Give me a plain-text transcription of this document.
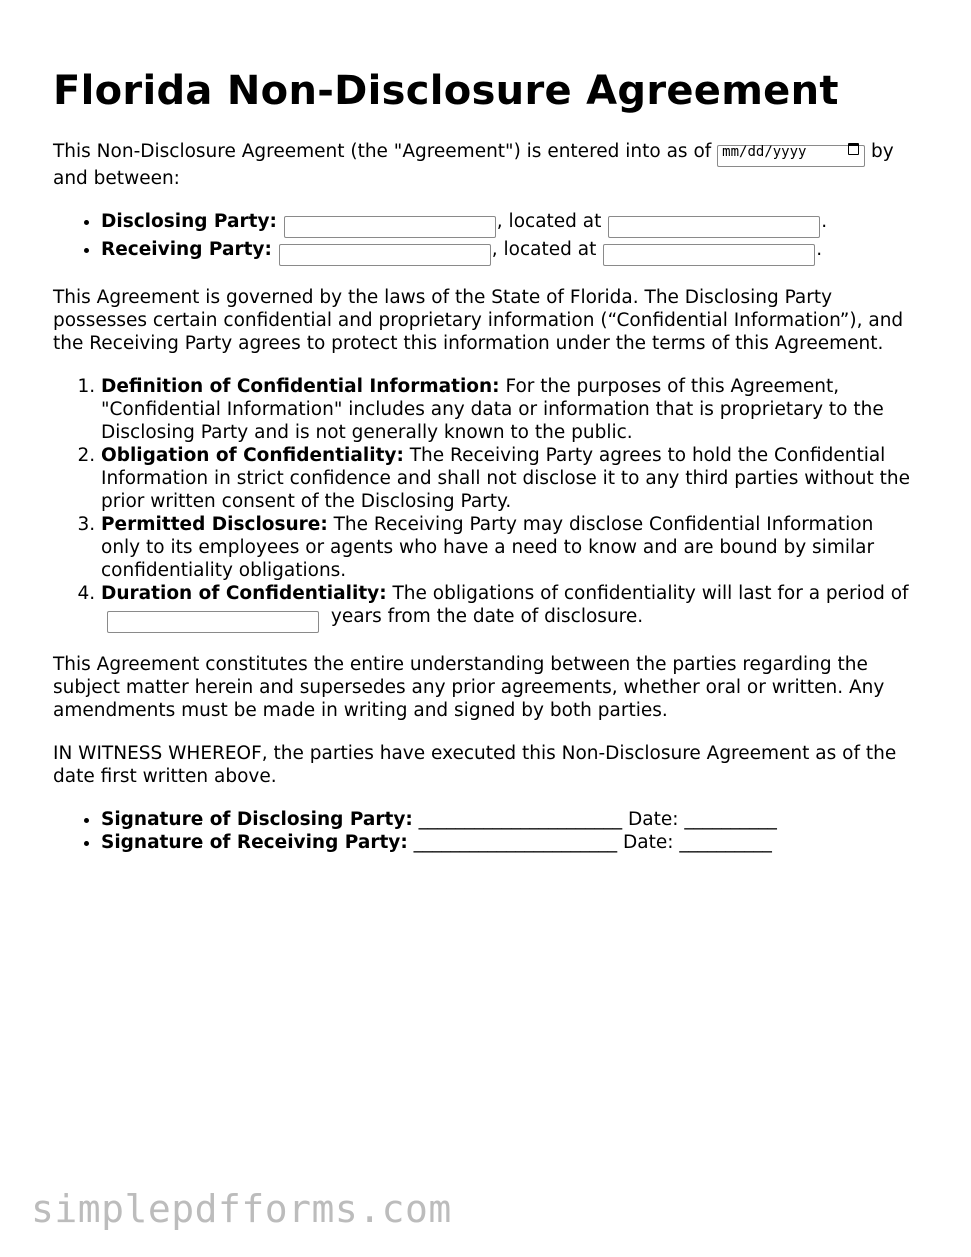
Florida Non-Disclosure Agreement

This Non-Disclosure Agreement (the "Agreement") is entered into as of mm/dd/yyyy	by and between:

• Disclosing Party:	, located at	.
• Receiving Party:	, located at	.

This Agreement is governed by the laws of the State of Florida. The Disclosing Party possesses certain confidential and proprietary information (“Confidential Information”), and the Receiving Party agrees to protect this information under the terms of this Agreement.

1. Definition of Confidential Information: For the purposes of this Agreement, "Confidential Information" includes any data or information that is proprietary to the Disclosing Party and is not generally known to the public.
2. Obligation of Confidentiality: The Receiving Party agrees to hold the Confidential Information in strict confidence and shall not disclose it to any third parties without the prior written consent of the Disclosing Party.
3. Permitted Disclosure: The Receiving Party may disclose Confidential Information only to its employees or agents who have a need to know and are bound by similar confidentiality obligations.
4. Duration of Confidentiality: The obligations of confidentiality will last for a period of  years from the date of disclosure.

This Agreement constitutes the entire understanding between the parties regarding the subject matter herein and supersedes any prior agreements, whether oral or written. Any amendments must be made in writing and signed by both parties.

IN WITNESS WHEREOF, the parties have executed this Non-Disclosure Agreement as of the date first written above.

• Signature of Disclosing Party: ______________________ Date: __________
• Signature of Receiving Party: ______________________ Date: __________
simplepdfforms.com
